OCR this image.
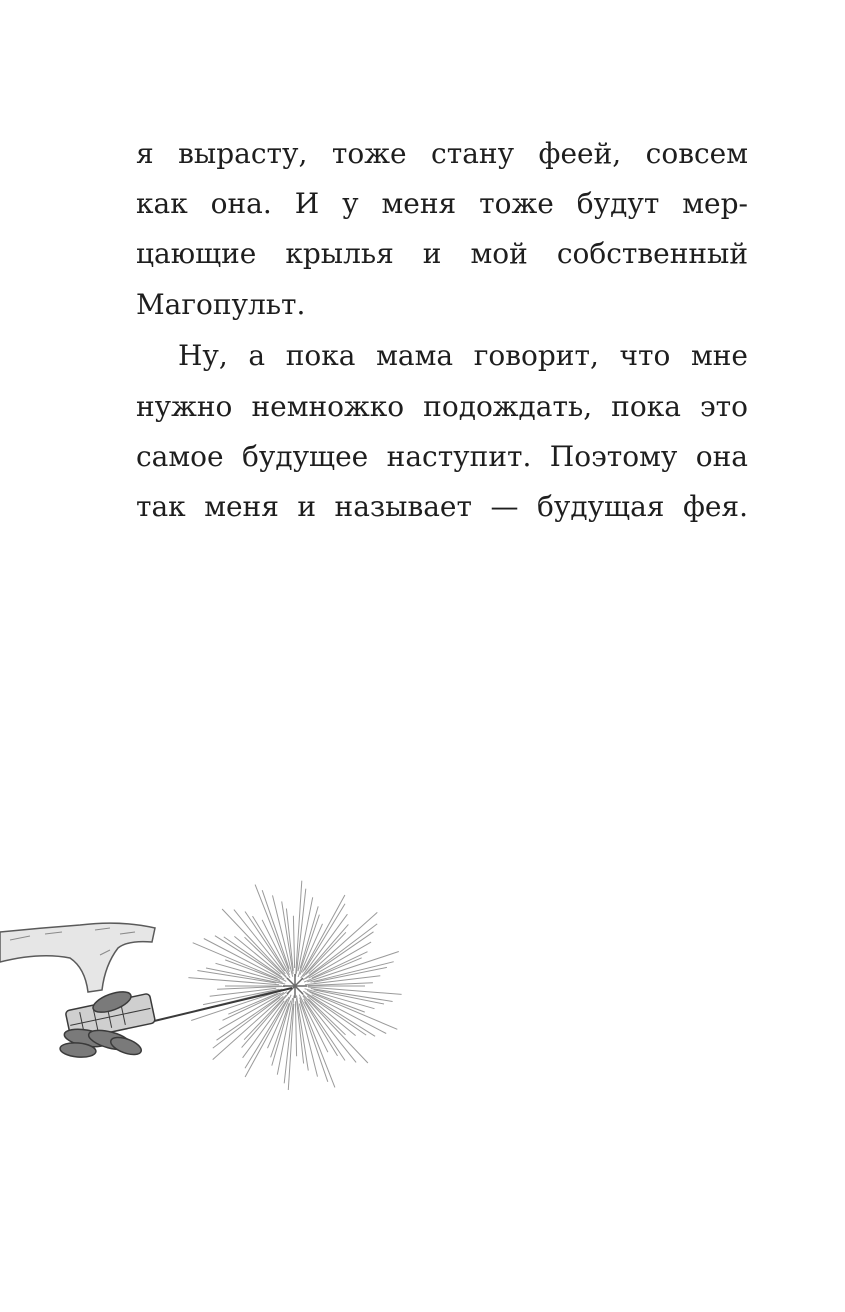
я вырасту, тоже стану феей, совсем
как она. И у меня тоже будут мер-
цающие крылья и мой собственный
Магопульт.
Ну, а пока мама говорит, что мне
нужно немножко подождать, пока это
самое будущее наступит. Поэтому она
так меня и называет — будущая фея.
